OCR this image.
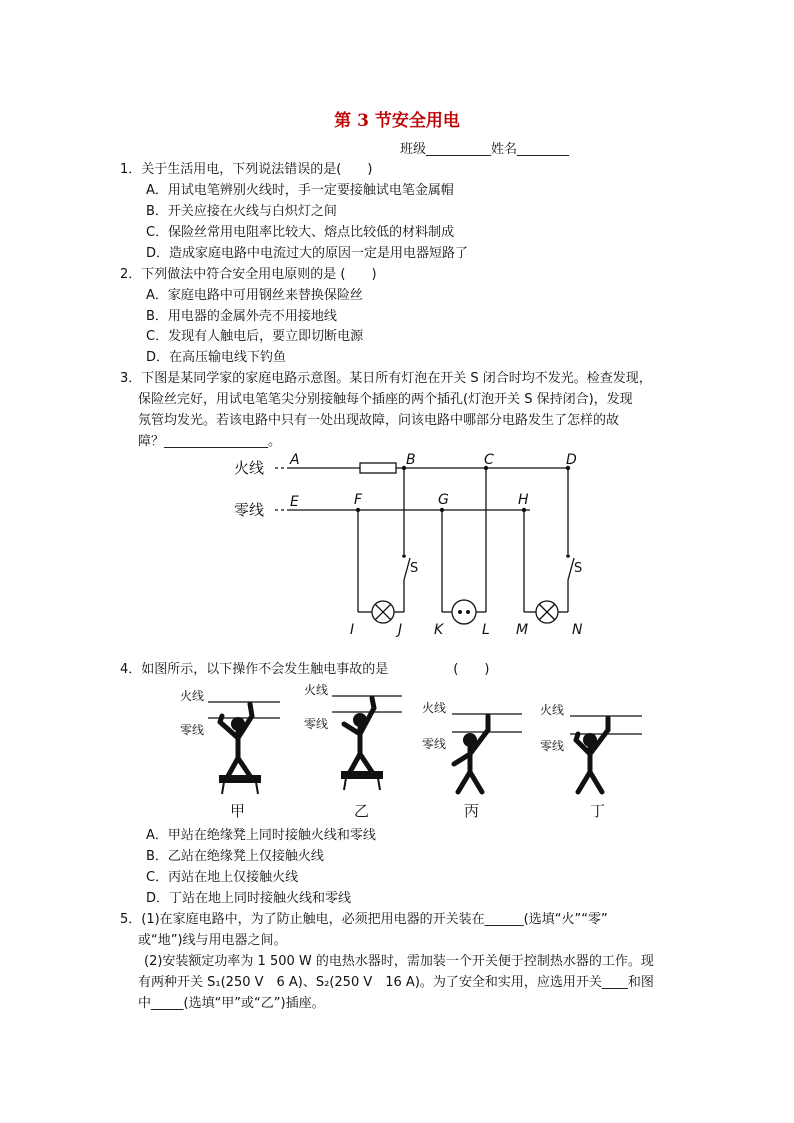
第 3 节安全用电
班级__________姓名________
1．关于生活用电，下列说法错误的是(　　)
A．用试电笔辨别火线时，手一定要接触试电笔金属帽
B．开关应接在火线与白炽灯之间
C．保险丝常用电阻率比较大、熔点比较低的材料制成
D．造成家庭电路中电流过大的原因一定是用电器短路了
2．下列做法中符合安全用电原则的是 (　　)
A．家庭电路中可用钢丝来替换保险丝
B．用电器的金属外壳不用接地线
C．发现有人触电后，要立即切断电源
D．在高压输电线下钓鱼
3．下图是某同学家的家庭电路示意图。某日所有灯泡在开关 S 闭合时均不发光。检查发现，
保险丝完好，用试电笔笔尖分别接触每个插座的两个插孔(灯泡开关 S 保持闭合)，发现
氖管均发光。若该电路中只有一处出现故障，问该电路中哪部分电路发生了怎样的故
障？________________。
火线
零线
A	B	C	D
E	F	G	H
I	J K	L M	N
S	S
4．如图所示，以下操作不会发生触电事故的是　　　　　(　　)
火线
零线
火线
零线
火线
零线
火线
零线
甲	乙	丙	丁
A．甲站在绝缘凳上同时接触火线和零线
B．乙站在绝缘凳上仅接触火线
C．丙站在地上仅接触火线
D．丁站在地上同时接触火线和零线
5．(1)在家庭电路中，为了防止触电，必须把用电器的开关装在______(选填“火”“零”
或“地”)线与用电器之间。
(2)安装额定功率为 1 500 W 的电热水器时，需加装一个开关便于控制热水器的工作。现
有两种开关 S₁(250 V　6 A)、S₂(250 V　16 A)。为了安全和实用，应选用开关____和图
中_____(选填“甲”或“乙”)插座。
